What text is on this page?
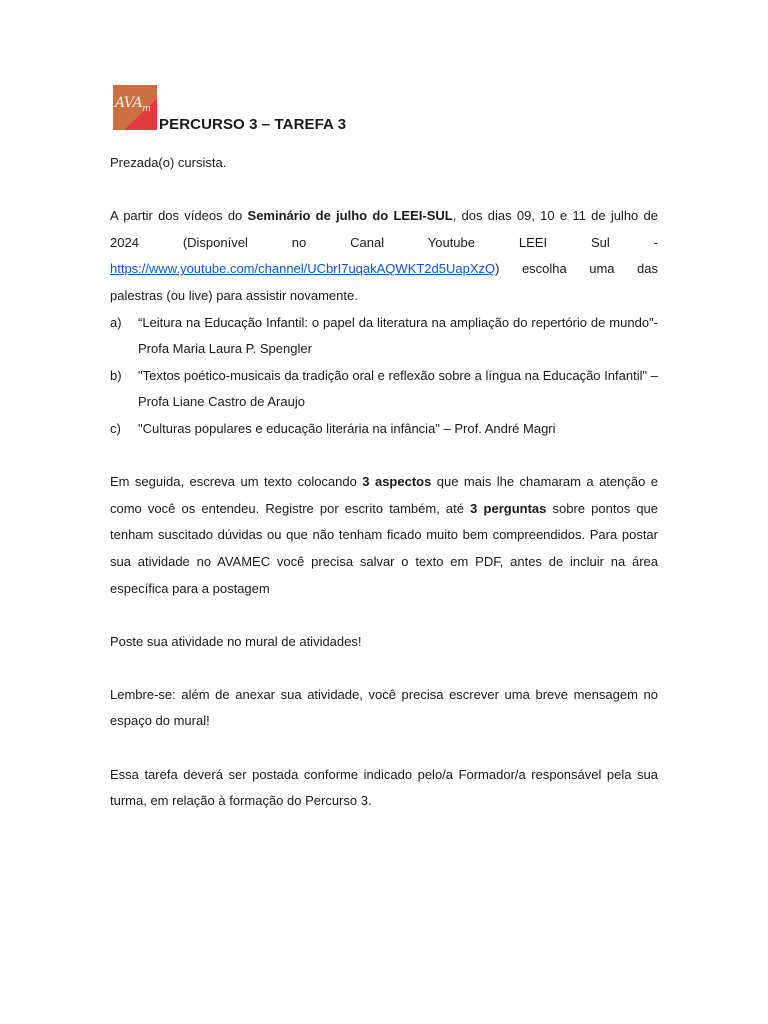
$AVA_m$
PERCURSO 3 – TAREFA 3

Prezada(o) cursista.

A partir dos vídeos do Seminário de julho do LEEI-SUL, dos dias 09, 10 e 11 de julho de

2024 (Disponível no Canal Youtube LEEI Sul -

https://www.youtube.com/channel/UCbrI7uqakAQWKT2d5UapXzQ) escolha uma das

palestras (ou live) para assistir novamente.

a) “Leitura na Educação Infantil: o papel da literatura na ampliação do repertório de mundo"- Profa Maria Laura P. Spengler
b) "Textos poético-musicais da tradição oral e reflexão sobre a língua na Educação Infantil" – Profa Liane Castro de Araujo
c) "Culturas populares e educação literária na infância" – Prof. André Magri

Em seguida, escreva um texto colocando 3 aspectos que mais lhe chamaram a atenção e como você os entendeu. Registre por escrito também, até 3 perguntas sobre pontos que tenham suscitado dúvidas ou que não tenham ficado muito bem compreendidos. Para postar sua atividade no AVAMEC você precisa salvar o texto em PDF, antes de incluir na área específica para a postagem

Poste sua atividade no mural de atividades!

Lembre-se: além de anexar sua atividade, você precisa escrever uma breve mensagem no espaço do mural!

Essa tarefa deverá ser postada conforme indicado pelo/a Formador/a responsável pela sua turma, em relação à formação do Percurso 3.
